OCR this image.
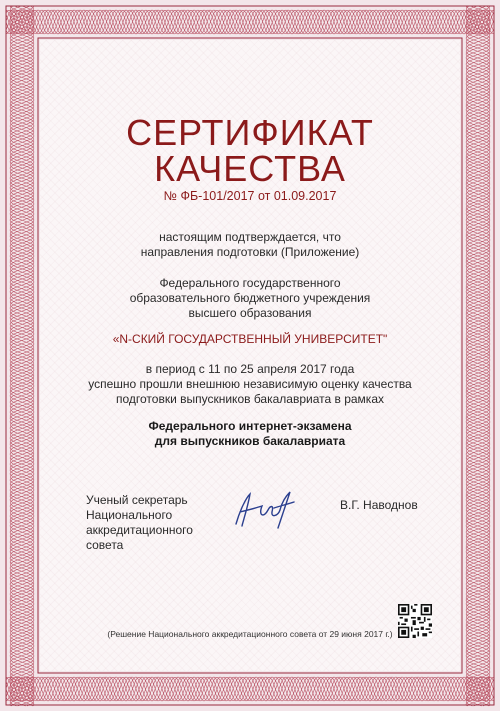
СЕРТИФИКАТ
КАЧЕСТВА
№ ФБ-101/2017 от 01.09.2017
настоящим подтверждается, что
направления подготовки (Приложение)
Федерального государственного
образовательного бюджетного учреждения
высшего образования
«N-СКИЙ ГОСУДАРСТВЕННЫЙ УНИВЕРСИТЕТ"
в период с 11 по 25 апреля 2017 года
успешно прошли внешнюю независимую оценку качества
подготовки выпускников бакалавриата в рамках
Федерального интернет-экзамена
для выпускников бакалавриата
Ученый секретарь
Национального
аккредитационного
совета
В.Г. Наводнов
(Решение Национального аккредитационного совета от 29 июня 2017 г.)
